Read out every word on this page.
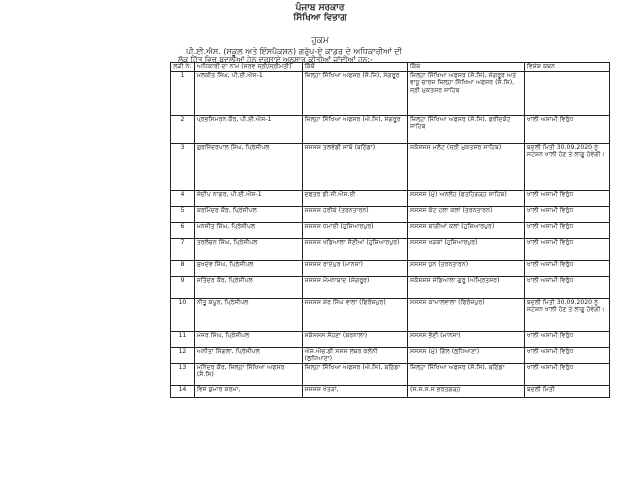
ਪੰਜਾਬ ਸਰਕਾਰ
ਸਿੱਖਿਆ ਵਿਭਾਗ
ਹੁਕਮ
ਪੀ.ਈ.ਐਸ. (ਸਕੂਲ ਅਤੇ ਇੰਸਪੈਕਸ਼ਨ) ਗਰੁੱਪ-ਏ ਕਾਡਰ ਦੇ ਅਧਿਕਾਰੀਆਂ ਦੀ
ਲੋਕ ਹਿੱਤ ਵਿਚ ਬਦਲੀਆਂ ਹੇਠ ਦਰਸਾਏ ਅਨੁਸਾਰ ਕੀਤੀਆਂ ਜਾਂਦੀਆਂ ਹਨ:-
ਲੜੀ ਨੰ:	ਅਧਿਕਾਰੀ ਦਾ ਨਾਮ (ਸਰਵ ਸ੍ਰੀ/ਸ੍ਰੀਮਤੀ)	ਕਿੱਥੋਂ	ਕਿੱਥੇ	ਵਿਸ਼ੇਸ਼ ਕਥਨ
1	ਮਲਕੀਤ ਸਿੰਘ, ਪੀ.ਈ.ਐਸ-1	ਜ਼ਿਲ੍ਹਾ ਸਿੱਖਿਆ ਅਫਸਰ (ਸੈ.ਸਿ), ਸੰਗਰੂਰ	ਜ਼ਿਲ੍ਹਾ ਸਿੱਖਿਆ ਅਫਸਰ (ਸੈ.ਸਿ), ਸੰਗਰੂਰ ਅਤੇ ਵਾਧੂ ਚਾਰਜ ਜ਼ਿਲ੍ਹਾ ਸਿੱਖਿਆ ਅਫਸਰ (ਸੈ.ਸਿ), ਸ੍ਰੀ ਮੁਕਤਸਰ ਸਾਹਿਬ	
2	ਪ੍ਰਭਸਿਮਰਨ ਕੌਰ, ਪੀ.ਈ.ਐਸ-1	ਜ਼ਿਲ੍ਹਾ ਸਿੱਖਿਆ ਅਫਸਰ (ਐ.ਸਿ), ਸੰਗਰੂਰ	ਜ਼ਿਲ੍ਹਾ ਸਿੱਖਿਆ ਅਫਸਰ (ਸੈ.ਸਿ), ਫਰੀਦਕੋਟ ਸਾਹਿਬ	ਖਾਲੀ ਅਸਾਮੀ ਵਿਰੁੱਧ
3	ਗੁਰਜਿੰਦਰਪਾਲ ਸਿੰਘ, ਪ੍ਰਿੰਸੀਪਲ	ਸਸਸਸ ਤਲਵੰਡੀ ਸਾਬੋ (ਬਠਿੰਡਾ)	ਸਕੱਸਸਸ ਮਲੋਟ (ਸ੍ਰੀ ਮੁਕਤਸਰ ਸਾਹਿਬ)	ਬਦਲੀ ਮਿਤੀ 30.09.2020 ਨੂੰ ਸਟੇਸ਼ਨ ਖਾਲੀ ਹੋਣ ਤੇ ਲਾਗੂ ਹੋਵੇਗੀ।
4	ਸੰਦੀਪ ਨਾਗਰ, ਪੀ.ਈ.ਐਸ-1	ਦਫਤਰ ਡੀ.ਜੀ.ਐਸ.ਈ	ਸਸਸਸ (ਮੁੰ) ਅਨਲੋਹ (ਫਤਹਿਗੜ੍ਹ ਸਾਹਿਬ)	ਖਾਲੀ ਅਸਾਮੀ ਵਿਰੁੱਧ
5	ਕਰਮਿੰਦਰ ਕੌਰ, ਪ੍ਰਿੰਸੀਪਲ	ਸਸਸਸ ਹਰੀਕੇ (ਤਰਨਤਾਰਨ)	ਸਸਸਸ ਕੱਟ ਹਲਾ ਕਲਾਂ (ਤਰਨਤਾਰਨ)	ਖਾਲੀ ਅਸਾਮੀ ਵਿਰੁੱਧ
6	ਮਨਜੀਤ ਸਿੰਘ, ਪ੍ਰਿੰਸੀਪਲ	ਸਸਸਸ ਧਮਾਈ (ਹੁਸ਼ਿਆਰਪੁਰ)	ਸਸਸਸ ਬਾਗੀਆਂ ਕਲਾਂ (ਹੁਸ਼ਿਆਰਪੁਰ)	ਖਾਲੀ ਅਸਾਮੀ ਵਿਰੁੱਧ
7	ਤਰਲੋਚਨ ਸਿੰਘ, ਪ੍ਰਿੰਸੀਪਲ	ਸਸਸਸ ਖਡਿਆਲਾ ਸੈਣੀਆਂ (ਹੁਸ਼ਿਆਰਪੁਰ)	ਸਸਸਸ ਖੜਕਾਂ (ਹੁਸ਼ਿਆਰਪੁਰ)	ਖਾਲੀ ਅਸਾਮੀ ਵਿਰੁੱਧ
8	ਸੁਖਦੇਵ ਸਿੰਘ, ਪ੍ਰਿੰਸੀਪਲ	ਸਸਸਸ ਰਾਏਪੁਰ (ਮਾਨਸਾ)	ਸਸਸਸ ਧੁਨ (ਤਰਨਤਾਰਨ)	ਖਾਲੀ ਅਸਾਮੀ ਵਿਰੁੱਧ
9	ਜਤਿੰਦਰ ਕੌਰ, ਪ੍ਰਿੰਸੀਪਲ	ਸਸਸਸ ਮੋਮਨਾਬਾਦ (ਸੰਗਰੂਰ)	ਸਕੱਸਸਸ ਜੰਡਿਆਲਾ ਗੁਰੂ (ਅੰਮ੍ਰਿਤਸਰ)	ਖਾਲੀ ਅਸਾਮੀ ਵਿਰੁੱਧ
10	ਨੀਤੂ ਕਪੂਰ, ਪ੍ਰਿੰਸੀਪਲ	ਸਸਸਸ ਸ਼ੇਰ ਸਿੰਘ ਵਾਲਾ (ਫਿਰੋਜ਼ਪੁਰ)	ਸਸਸਸ ਕਾਮਾਲਵਾਲਾ (ਫਿਰੋਜ਼ਪੁਰ)	ਬਦਲੀ ਮਿਤੀ 30.09.2020 ਨੂੰ ਸਟੇਸ਼ਨ ਖਾਲੀ ਹੋਣ ਤੇ ਲਾਗੂ ਹੋਵੇਗੀ।
11	ਮੇਜਰ ਸਿੰਘ, ਪ੍ਰਿੰਸੀਪਲ	ਸਕੱਸਸਸ ਸੈਹਣਾ (ਬਰਨਾਲਾ)	ਸਸਸਸ ਭੈਣੀ (ਮਾਨਸਾ)	ਖਾਲੀ ਅਸਾਮੀ ਵਿਰੁੱਧ
12	ਅਨੀਤਾ ਸਿੰਗਲਾ, ਪ੍ਰਿੰਸੀਪਲ	ਐਸ.ਐਚ.ਡੀ ਸਸਸ ਲੇਬਰ ਕਲੋਨੀ (ਲੁਧਿਆਣਾ)	ਸਸਸਸ (ਮੁੰ) ਗਿੱਲ (ਲੁਧਿਆਣਾ)	ਖਾਲੀ ਅਸਾਮੀ ਵਿਰੁੱਧ
13	ਮਨਿੰਦਰ ਕੌਰ, ਜ਼ਿਲ੍ਹਾ ਸਿੱਖਿਆ ਅਫਸਰ (ਸੈ.ਸਿ)	ਜ਼ਿਲ੍ਹਾ ਸਿੱਖਿਆ ਅਫਸਰ (ਐ.ਸਿ), ਬਠਿੰਡਾ	ਜ਼ਿਲ੍ਹਾ ਸਿੱਖਿਆ ਅਫਸਰ (ਸੈ.ਸਿ), ਬਠਿੰਡਾ	ਖਾਲੀ ਅਸਾਮੀ ਵਿਰੁੱਧ
14	ਵਿਜੇ ਕੁਮਾਰ ਸ਼ਰਮਾ,	ਸਸਸਸ ਖੇਤੜਾਂ,	(ਸ.ਸ.ਸ.ਸ ਭਰਤਗੜ੍ਹ	ਬਦਲੀ ਮਿਤੀ
